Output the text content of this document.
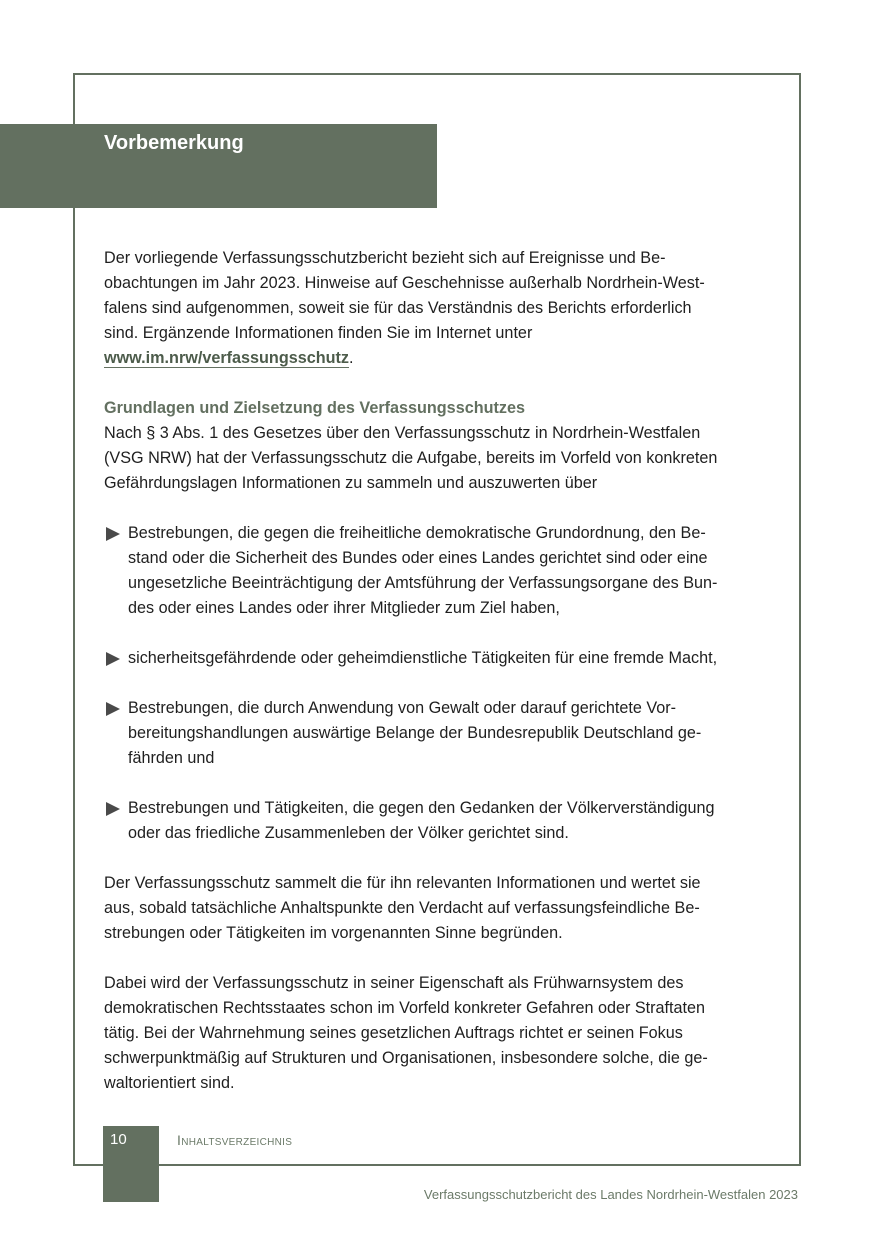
Vorbemerkung

Der vorliegende Verfassungsschutzbericht bezieht sich auf Ereignisse und Be-
obachtungen im Jahr 2023. Hinweise auf Geschehnisse außerhalb Nordrhein-West-
falens sind aufgenommen, soweit sie für das Verständnis des Berichts erforderlich
sind. Ergänzende Informationen finden Sie im Internet unter
www.im.nrw/verfassungsschutz.

Grundlagen und Zielsetzung des Verfassungsschutzes
Nach § 3 Abs. 1 des Gesetzes über den Verfassungsschutz in Nordrhein-Westfalen
(VSG NRW) hat der Verfassungsschutz die Aufgabe, bereits im Vorfeld von konkreten
Gefährdungslagen Informationen zu sammeln und auszuwerten über

Bestrebungen, die gegen die freiheitliche demokratische Grundordnung, den Be-
stand oder die Sicherheit des Bundes oder eines Landes gerichtet sind oder eine
ungesetzliche Beeinträchtigung der Amtsführung der Verfassungsorgane des Bun-
des oder eines Landes oder ihrer Mitglieder zum Ziel haben,
sicherheitsgefährdende oder geheimdienstliche Tätigkeiten für eine fremde Macht,
Bestrebungen, die durch Anwendung von Gewalt oder darauf gerichtete Vor-
bereitungshandlungen auswärtige Belange der Bundesrepublik Deutschland ge-
fährden und
Bestrebungen und Tätigkeiten, die gegen den Gedanken der Völkerverständigung
oder das friedliche Zusammenleben der Völker gerichtet sind.

Der Verfassungsschutz sammelt die für ihn relevanten Informationen und wertet sie
aus, sobald tatsächliche Anhaltspunkte den Verdacht auf verfassungsfeindliche Be-
strebungen oder Tätigkeiten im vorgenannten Sinne begründen.

Dabei wird der Verfassungsschutz in seiner Eigenschaft als Frühwarnsystem des
demokratischen Rechtsstaates schon im Vorfeld konkreter Gefahren oder Straftaten
tätig. Bei der Wahrnehmung seines gesetzlichen Auftrags richtet er seinen Fokus
schwerpunktmäßig auf Strukturen und Organisationen, insbesondere solche, die ge-
waltorientiert sind.

10	Inhaltsverzeichnis
Verfassungsschutzbericht des Landes Nordrhein-Westfalen 2023
